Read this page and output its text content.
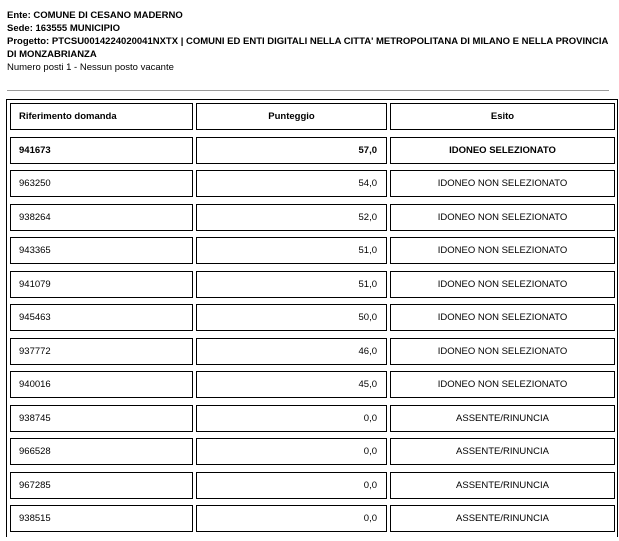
Ente: COMUNE DI CESANO MADERNO
Sede: 163555 MUNICIPIO
Progetto: PTCSU0014224020041NXTX | COMUNI ED ENTI DIGITALI NELLA CITTA' METROPOLITANA DI MILANO E NELLA PROVINCIA
DI MONZABRIANZA
Numero posti 1 - Nessun posto vacante
Riferimento domanda	Punteggio	Esito
941673	57,0	IDONEO SELEZIONATO
963250	54,0	IDONEO NON SELEZIONATO
938264	52,0	IDONEO NON SELEZIONATO
943365	51,0	IDONEO NON SELEZIONATO
941079	51,0	IDONEO NON SELEZIONATO
945463	50,0	IDONEO NON SELEZIONATO
937772	46,0	IDONEO NON SELEZIONATO
940016	45,0	IDONEO NON SELEZIONATO
938745	0,0	ASSENTE/RINUNCIA
966528	0,0	ASSENTE/RINUNCIA
967285	0,0	ASSENTE/RINUNCIA
938515	0,0	ASSENTE/RINUNCIA
